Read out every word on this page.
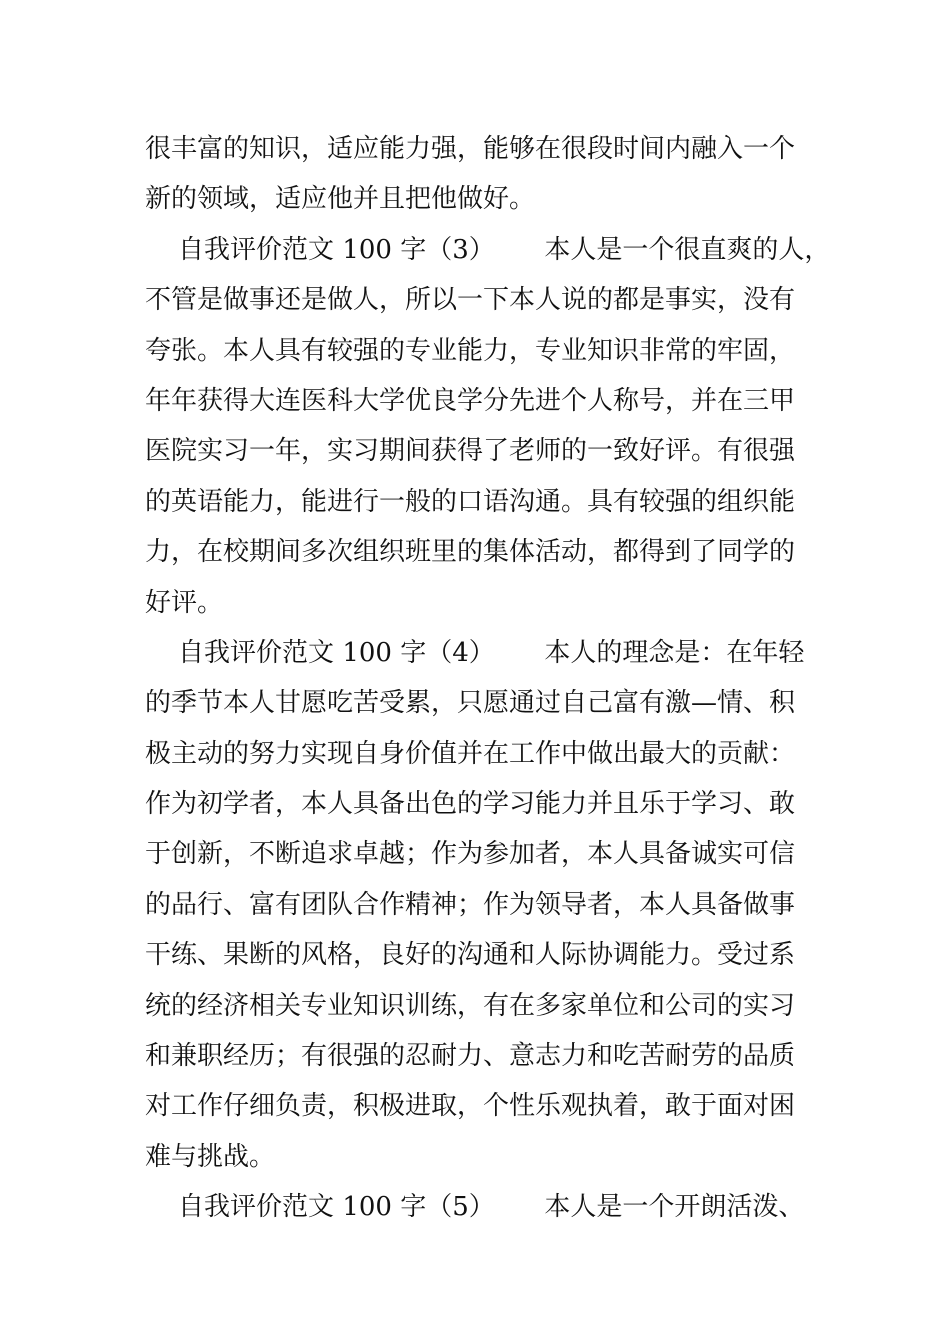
很丰富的知识，适应能力强，能够在很段时间内融入一个
新的领域，适应他并且把他做好。
自我评价范文 100 字（3）      本人是一个很直爽的人，
不管是做事还是做人，所以一下本人说的都是事实，没有
夸张。本人具有较强的专业能力，专业知识非常的牢固，
年年获得大连医科大学优良学分先进个人称号，并在三甲
医院实习一年，实习期间获得了老师的一致好评。有很强
的英语能力，能进行一般的口语沟通。具有较强的组织能
力，在校期间多次组织班里的集体活动，都得到了同学的
好评。
自我评价范文 100 字（4）      本人的理念是：在年轻
的季节本人甘愿吃苦受累，只愿通过自己富有激—情、积
极主动的努力实现自身价值并在工作中做出最大的贡献：
作为初学者，本人具备出色的学习能力并且乐于学习、敢
于创新，不断追求卓越；作为参加者，本人具备诚实可信
的品行、富有团队合作精神；作为领导者，本人具备做事
干练、果断的风格，良好的沟通和人际协调能力。受过系
统的经济相关专业知识训练，有在多家单位和公司的实习
和兼职经历；有很强的忍耐力、意志力和吃苦耐劳的品质
对工作仔细负责，积极进取，个性乐观执着，敢于面对困
难与挑战。
自我评价范文 100 字（5）      本人是一个开朗活泼、
